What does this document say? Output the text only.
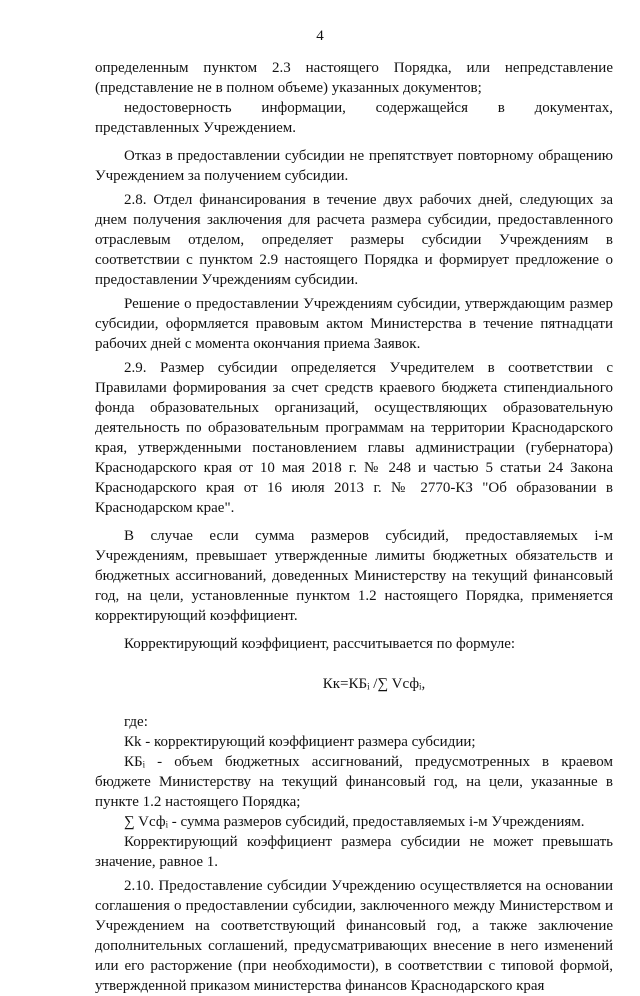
4

определенным пунктом 2.3 настоящего Порядка, или непредставление (представление не в полном объеме) указанных документов;

недостоверность информации, содержащейся в документах, представленных Учреждением.

Отказ в предоставлении субсидии не препятствует повторному обращению Учреждением за получением субсидии.

2.8. Отдел финансирования в течение двух рабочих дней, следующих за днем получения заключения для расчета размера субсидии, предоставленного отраслевым отделом, определяет размеры субсидии Учреждениям в соответствии с пунктом 2.9 настоящего Порядка и формирует предложение о предоставлении Учреждениям субсидии.

Решение о предоставлении Учреждениям субсидии, утверждающим размер субсидии, оформляется правовым актом Министерства в течение пятнадцати рабочих дней с момента окончания приема Заявок.

2.9. Размер субсидии определяется Учредителем в соответствии с Правилами формирования за счет средств краевого бюджета стипендиального фонда образовательных организаций, осуществляющих образовательную деятельность по образовательным программам на территории Краснодарского края, утвержденными постановлением главы администрации (губернатора) Краснодарского края от 10 мая 2018 г. № 248 и частью 5 статьи 24 Закона Краснодарского края от 16 июля 2013 г. № 2770-КЗ "Об образовании в Краснодарском крае".

В случае если сумма размеров субсидий, предоставляемых i-м Учреждениям, превышает утвержденные лимиты бюджетных обязательств и бюджетных ассигнований, доведенных Министерству на текущий финансовый год, на цели, установленные пунктом 1.2 настоящего Порядка, применяется корректирующий коэффициент.

Корректирующий коэффициент, рассчитывается по формуле:

Кк=КБᵢ /∑ Vсфᵢ,

где:

Кk - корректирующий коэффициент размера субсидии;

КБᵢ - объем бюджетных ассигнований, предусмотренных в краевом бюджете Министерству на текущий финансовый год, на цели, указанные в пункте 1.2 настоящего Порядка;

∑ Vсфᵢ - сумма размеров субсидий, предоставляемых i-м Учреждениям.

Корректирующий коэффициент размера субсидии не может превышать значение, равное 1.

2.10. Предоставление субсидии Учреждению осуществляется на основании соглашения о предоставлении субсидии, заключенного между Министерством и Учреждением на соответствующий финансовый год, а также заключение дополнительных соглашений, предусматривающих внесение в него изменений или его расторжение (при необходимости), в соответствии с типовой формой, утвержденной приказом министерства финансов Краснодарского края
